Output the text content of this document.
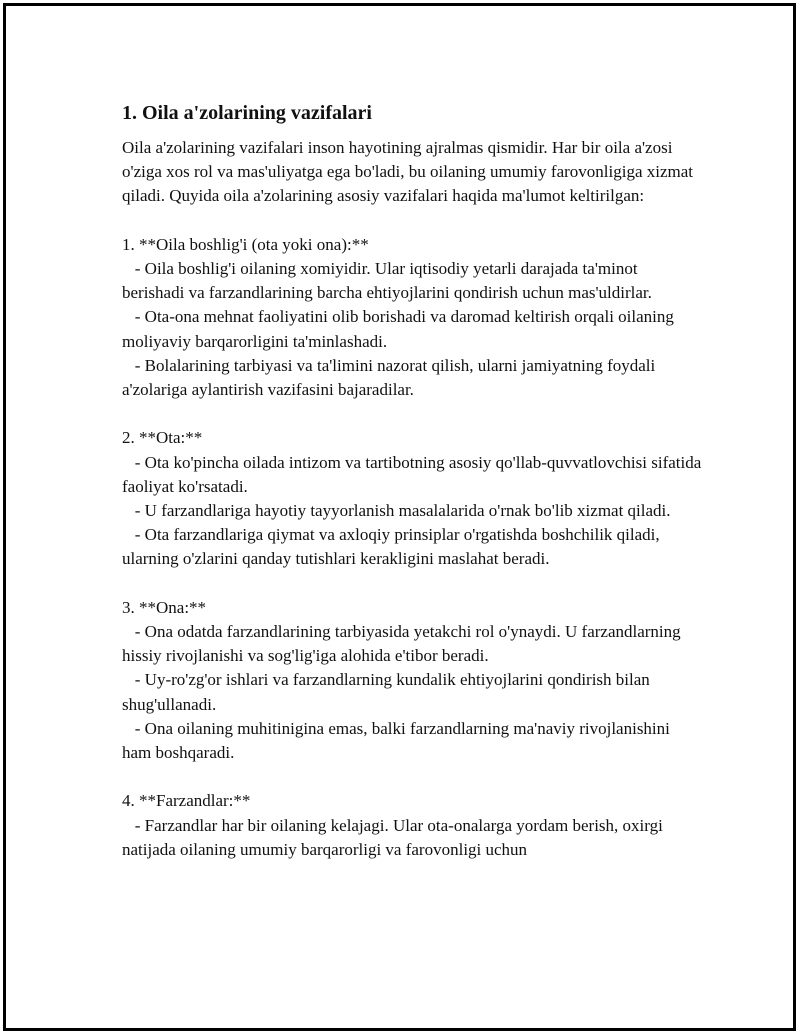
1. Oila a'zolarining vazifalari

Oila a'zolarining vazifalari inson hayotining ajralmas qismidir. Har bir oila a'zosi o'ziga xos rol va mas'uliyatga ega bo'ladi, bu oilaning umumiy farovonligiga xizmat qiladi. Quyida oila a'zolarining asosiy vazifalari haqida ma'lumot keltirilgan:

1. **Oila boshlig'i (ota yoki ona):**

- Oila boshlig'i oilaning xomiyidir. Ular iqtisodiy yetarli darajada ta'minot berishadi va farzandlarining barcha ehtiyojlarini qondirish uchun mas'uldirlar.

- Ota-ona mehnat faoliyatini olib borishadi va daromad keltirish orqali oilaning moliyaviy barqarorligini ta'minlashadi.

- Bolalarining tarbiyasi va ta'limini nazorat qilish, ularni jamiyatning foydali a'zolariga aylantirish vazifasini bajaradilar.

2. **Ota:**

- Ota ko'pincha oilada intizom va tartibotning asosiy qo'llab-quvvatlovchisi sifatida faoliyat ko'rsatadi.

- U farzandlariga hayotiy tayyorlanish masalalarida o'rnak bo'lib xizmat qiladi.

- Ota farzandlariga qiymat va axloqiy prinsiplar o'rgatishda boshchilik qiladi, ularning o'zlarini qanday tutishlari kerakligini maslahat beradi.

3. **Ona:**

- Ona odatda farzandlarining tarbiyasida yetakchi rol o'ynaydi. U farzandlarning hissiy rivojlanishi va sog'lig'iga alohida e'tibor beradi.

- Uy-ro'zg'or ishlari va farzandlarning kundalik ehtiyojlarini qondirish bilan shug'ullanadi.

- Ona oilaning muhitinigina emas, balki farzandlarning ma'naviy rivojlanishini ham boshqaradi.

4. **Farzandlar:**

- Farzandlar har bir oilaning kelajagi. Ular ota-onalarga yordam berish, oxirgi natijada oilaning umumiy barqarorligi va farovonligi uchun
